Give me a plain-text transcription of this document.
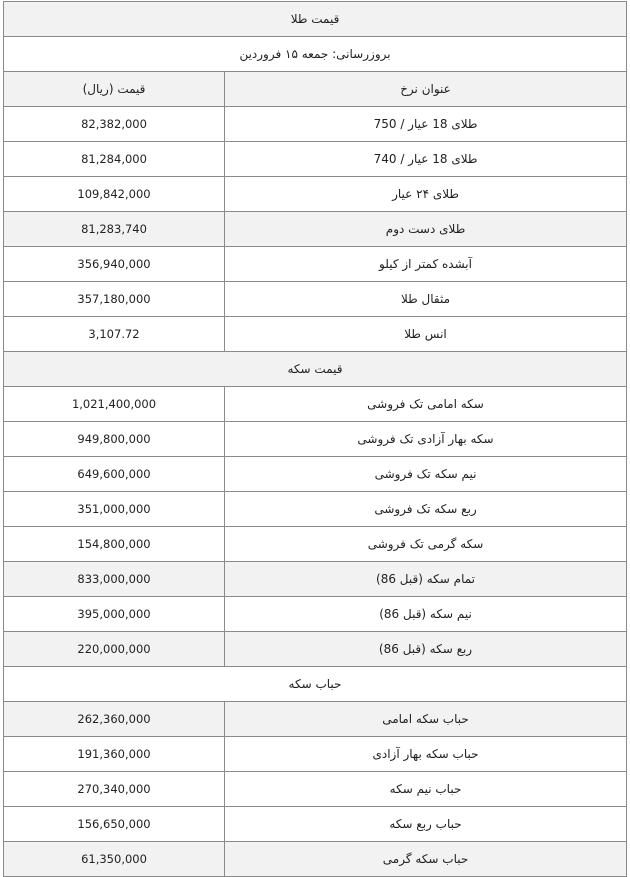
قیمت طلا	
بروزرسانی: جمعه ۱۵ فروردین	
عنوان نرخ	قیمت (ریال)
طلای 18 عیار / 750	82,382,000
طلای 18 عیار / 740	81,284,000
طلای ۲۴ عیار	109,842,000
طلای دست دوم	81,283,740
آبشده کمتر از کیلو	356,940,000
مثقال طلا	357,180,000
انس طلا	3,107.72
قیمت سکه	
سکه امامی تک فروشی	1,021,400,000
سکه بهار آزادی تک فروشی	949,800,000
نیم سکه تک فروشی	649,600,000
ربع سکه تک فروشی	351,000,000
سکه گرمی تک فروشی	154,800,000
تمام سکه (قبل 86)	833,000,000
نیم سکه (قبل 86)	395,000,000
ربع سکه (قبل 86)	220,000,000
حباب سکه	
حباب سکه امامی	262,360,000
حباب سکه بهار آزادی	191,360,000
حباب نیم سکه	270,340,000
حباب ربع سکه	156,650,000
حباب سکه گرمی	61,350,000
